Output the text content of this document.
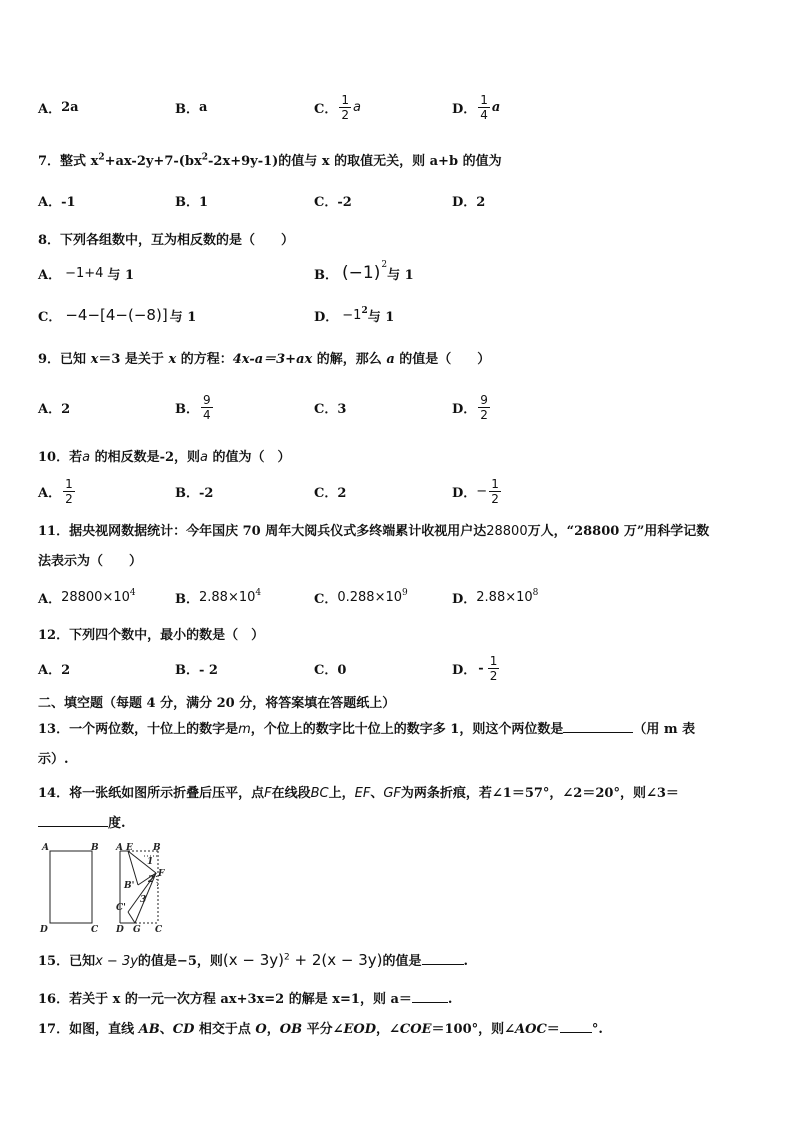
A． 2a	B． a	C． $\frac{1}{2}$ a	D． $\frac{1}{4}$ a
7．整式 $x^2+ax-2y+7-(bx^2-2x+9y-1)$的值与 x 的取值无关，则 a+b 的值为
A．-1	B．1	C．-2	D．2
8．下列各组数中，互为相反数的是（　　）
A． −1+4 与 1	B． $(-1)^2$
与 1
C． −4−[4−(−8)] 与 1	D． $-1^2$ 与 1
9．已知 x＝3 是关于 x 的方程：4x-a＝3+ax 的解，那么 a 的值是（　　）
A．2	B． $\frac{9}{4}$	C．3	D． $\frac{9}{2}$
10．若a 的相反数是-2，则a 的值为（　）
A． $\frac{1}{2}$	B．-2	C．2	D． − $\frac{1}{2}$
11．据央视网数据统计：今年国庆 70 周年大阅兵仪式多终端累计收视用户达28800万人，“28800 万”用科学记数
法表示为（　　）
A． $28800\times 10^4$	B． $2.88\times 10^4$	C． $0.288\times 10^9$	D． $2.88\times 10^8$
12．下列四个数中，最小的数是（　）
A．2	B．- 2	C．0	D． - $\frac{1}{2}$
二、填空题（每题 4 分，满分 20 分，将答案填在答题纸上）
13．一个两位数，十位上的数字是m，个位上的数字比十位上的数字多 1，则这个两位数是	（用 m 表
示）.
14．将一张纸如图所示折叠后压平，点F在线段BC上，EF、GF为两条折痕，若∠1＝57°，∠2＝20°，则∠3＝
度.
A	B
D	C
A E B
1
F
2
B'
C'
3
D G C
15．已知x − 3y的值是−5，则$(x - 3y)^2 + 2(x - 3y)$的值是	.
16．若关于 x 的一元一次方程 ax+3x=2 的解是 x=1，则 a＝	.
17．如图，直线 AB、CD 相交于点 O，OB 平分∠EOD，∠COE＝100°，则∠AOC＝ °.
